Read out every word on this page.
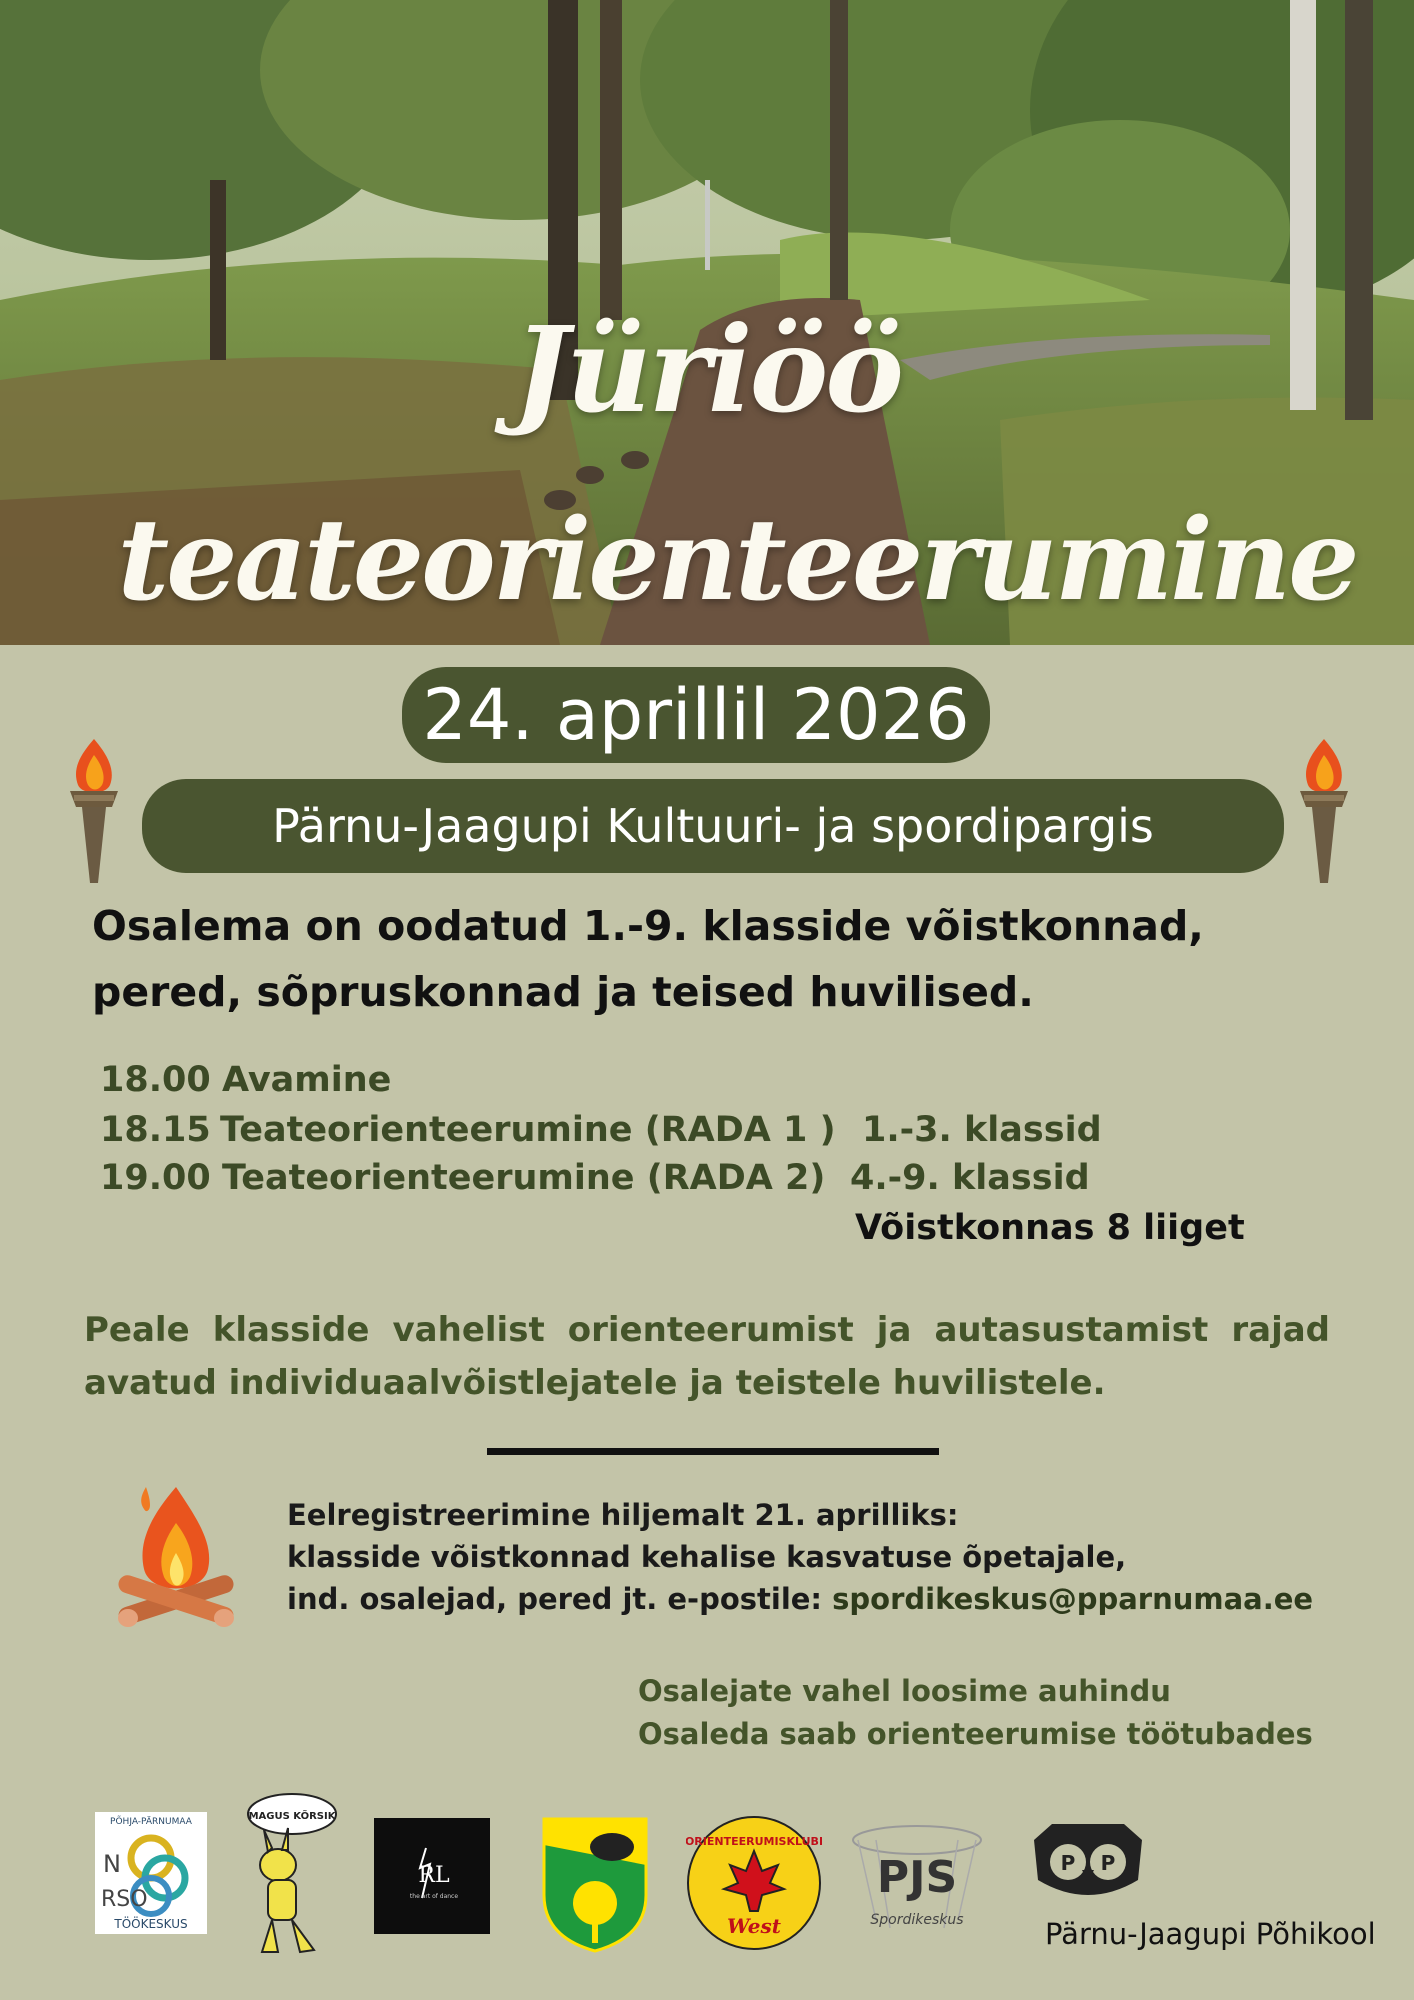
Jüriöö
teateorienteerumine
24. aprillil 2026
Pärnu-Jaagupi Kultuuri- ja spordipargis
Osalema on oodatud 1.-9. klasside võistkonnad,
pered, sõpruskonnad ja teised huvilised.
18.00 Avamine
18.15 Teateorienteerumine (RADA 1 ) 1.-3. klassid
19.00 Teateorienteerumine (RADA 2) 4.-9. klassid
Võistkonnas 8 liiget
Peale klasside vahelist orienteerumist ja autasustamist rajad avatud individuaalvõistlejatele ja teistele huvilistele.
Eelregistreerimine hiljemalt 21. aprilliks:
klasside võistkonnad kehalise kasvatuse õpetajale,
ind. osalejad, pered jt. e-postile: spordikeskus@pparnumaa.ee
Osalejate vahel loosime auhindu
Osaleda saab orienteerumise töötubades
PÕHJA-PÄRNUMAA
N
RSO
TÖÖKESKUS
MAGUS KÕRSIK
RL
the art of dance
ORIENTEERUMISKLUBI
West
PJS
Spordikeskus
P P
Pärnu-Jaagupi Põhikool
